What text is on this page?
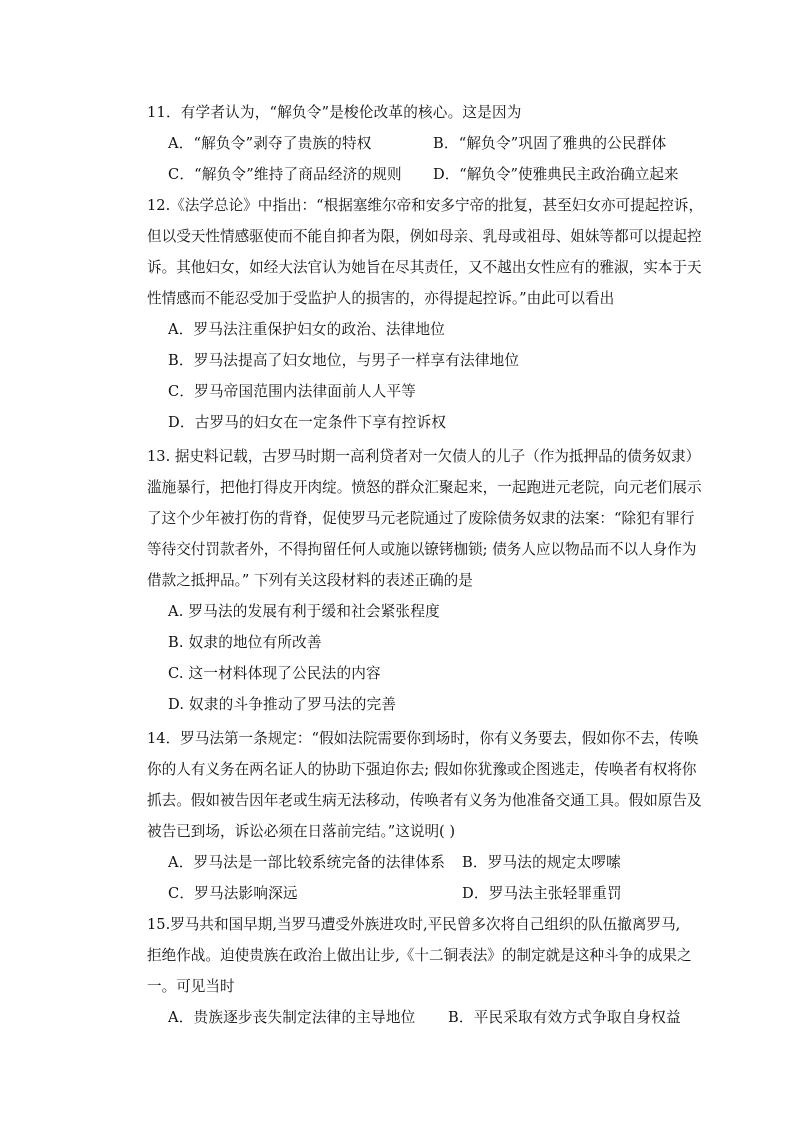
11．有学者认为，“解负令”是梭伦改革的核心。这是因为
A．“解负令”剥夺了贵族的特权	B．“解负令”巩固了雅典的公民群体
C．“解负令”维持了商品经济的规则 D．“解负令”使雅典民主政治确立起来
12.《法学总论》中指出：“根据塞维尔帝和安多宁帝的批复，甚至妇女亦可提起控诉，
但以受天性情感驱使而不能自抑者为限，例如母亲、乳母或祖母、姐妹等都可以提起控
诉。其他妇女，如经大法官认为她旨在尽其责任，又不越出女性应有的雅淑，实本于天
性情感而不能忍受加于受监护人的损害的，亦得提起控诉。”由此可以看出
A．罗马法注重保护妇女的政治、法律地位
B．罗马法提高了妇女地位，与男子一样享有法律地位
C．罗马帝国范围内法律面前人人平等
D．古罗马的妇女在一定条件下享有控诉权
13. 据史料记载，古罗马时期一高利贷者对一欠债人的儿子（作为抵押品的债务奴隶）
滥施暴行，把他打得皮开肉绽。愤怒的群众汇聚起来，一起跑进元老院，向元老们展示
了这个少年被打伤的背脊，促使罗马元老院通过了废除债务奴隶的法案：“除犯有罪行
等待交付罚款者外，不得拘留任何人或施以镣铐枷锁; 债务人应以物品而不以人身作为
借款之抵押品。” 下列有关这段材料的表述正确的是
A. 罗马法的发展有利于缓和社会紧张程度
B. 奴隶的地位有所改善
C. 这一材料体现了公民法的内容
D. 奴隶的斗争推动了罗马法的完善
14．罗马法第一条规定：“假如法院需要你到场时，你有义务要去，假如你不去，传唤
你的人有义务在两名证人的协助下强迫你去; 假如你犹豫或企图逃走，传唤者有权将你
抓去。假如被告因年老或生病无法移动，传唤者有义务为他准备交通工具。假如原告及
被告已到场，诉讼必须在日落前完结。”这说明( )
A．罗马法是一部比较系统完备的法律体系 B．罗马法的规定太啰嗦
C．罗马法影响深远	D．罗马法主张轻罪重罚
15.罗马共和国早期,当罗马遭受外族进攻时,平民曾多次将自己组织的队伍撤离罗马,
拒绝作战。迫使贵族在政治上做出让步,《十二铜表法》的制定就是这种斗争的成果之
一。可见当时
A．贵族逐步丧失制定法律的主导地位 B．平民采取有效方式争取自身权益
